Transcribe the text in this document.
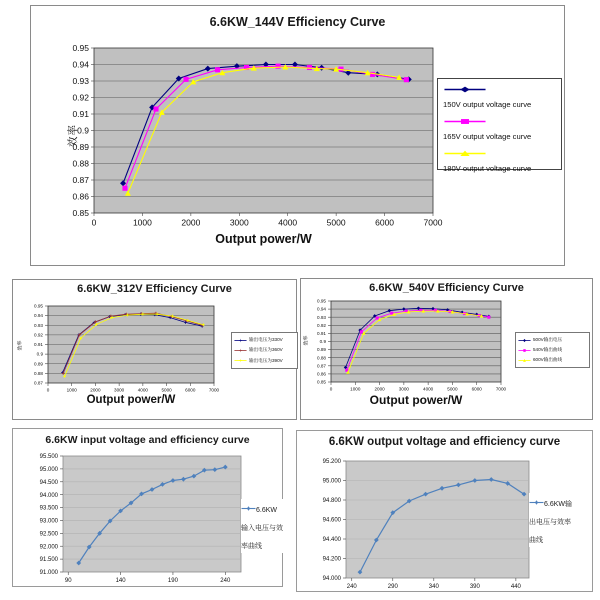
0.95
0.94
0.93
0.92
0.91
0.9
0.89
0.88
0.87
0.86
0.85
0	1000	2000	3000	4000	5000	6000	7000
6.6KW_144V Efficiency Curve
效率
Output power/W
150V output voltage curve
165V output voltage curve
180V output voltage curve
0.95
0.94
0.93
0.92
0.91
0.9
0.89
0.88
0.87
0	1000	2000	3000	4000	5000	6000	7000
6.6KW_312V Efficiency Curve
效率
Output power/W
输出电压为330V
输出电压为360V
输出电压为390V
0.95
0.94
0.93
0.92
0.91
0.9
0.89
0.88
0.87
0.86
0.85
0	1000	2000	3000	4000	5000	6000	7000
6.6KW_540V Efficiency Curve
效率
Output power/W
500V输出电压
540V输出曲线
600V输出曲线
95.500
95.000
94.500
94.000
93.500
93.000
92.500
92.000
91.500
91.000
90	140	190	240
6.6KW input voltage and efficiency curve
6.6KW输入电压与效率曲线
95.200
95.000
94.800
94.600
94.400
94.200
94.000
240	290	340	390	440
6.6KW output voltage and efficiency curve
6.6KW输出电压与效率曲线
